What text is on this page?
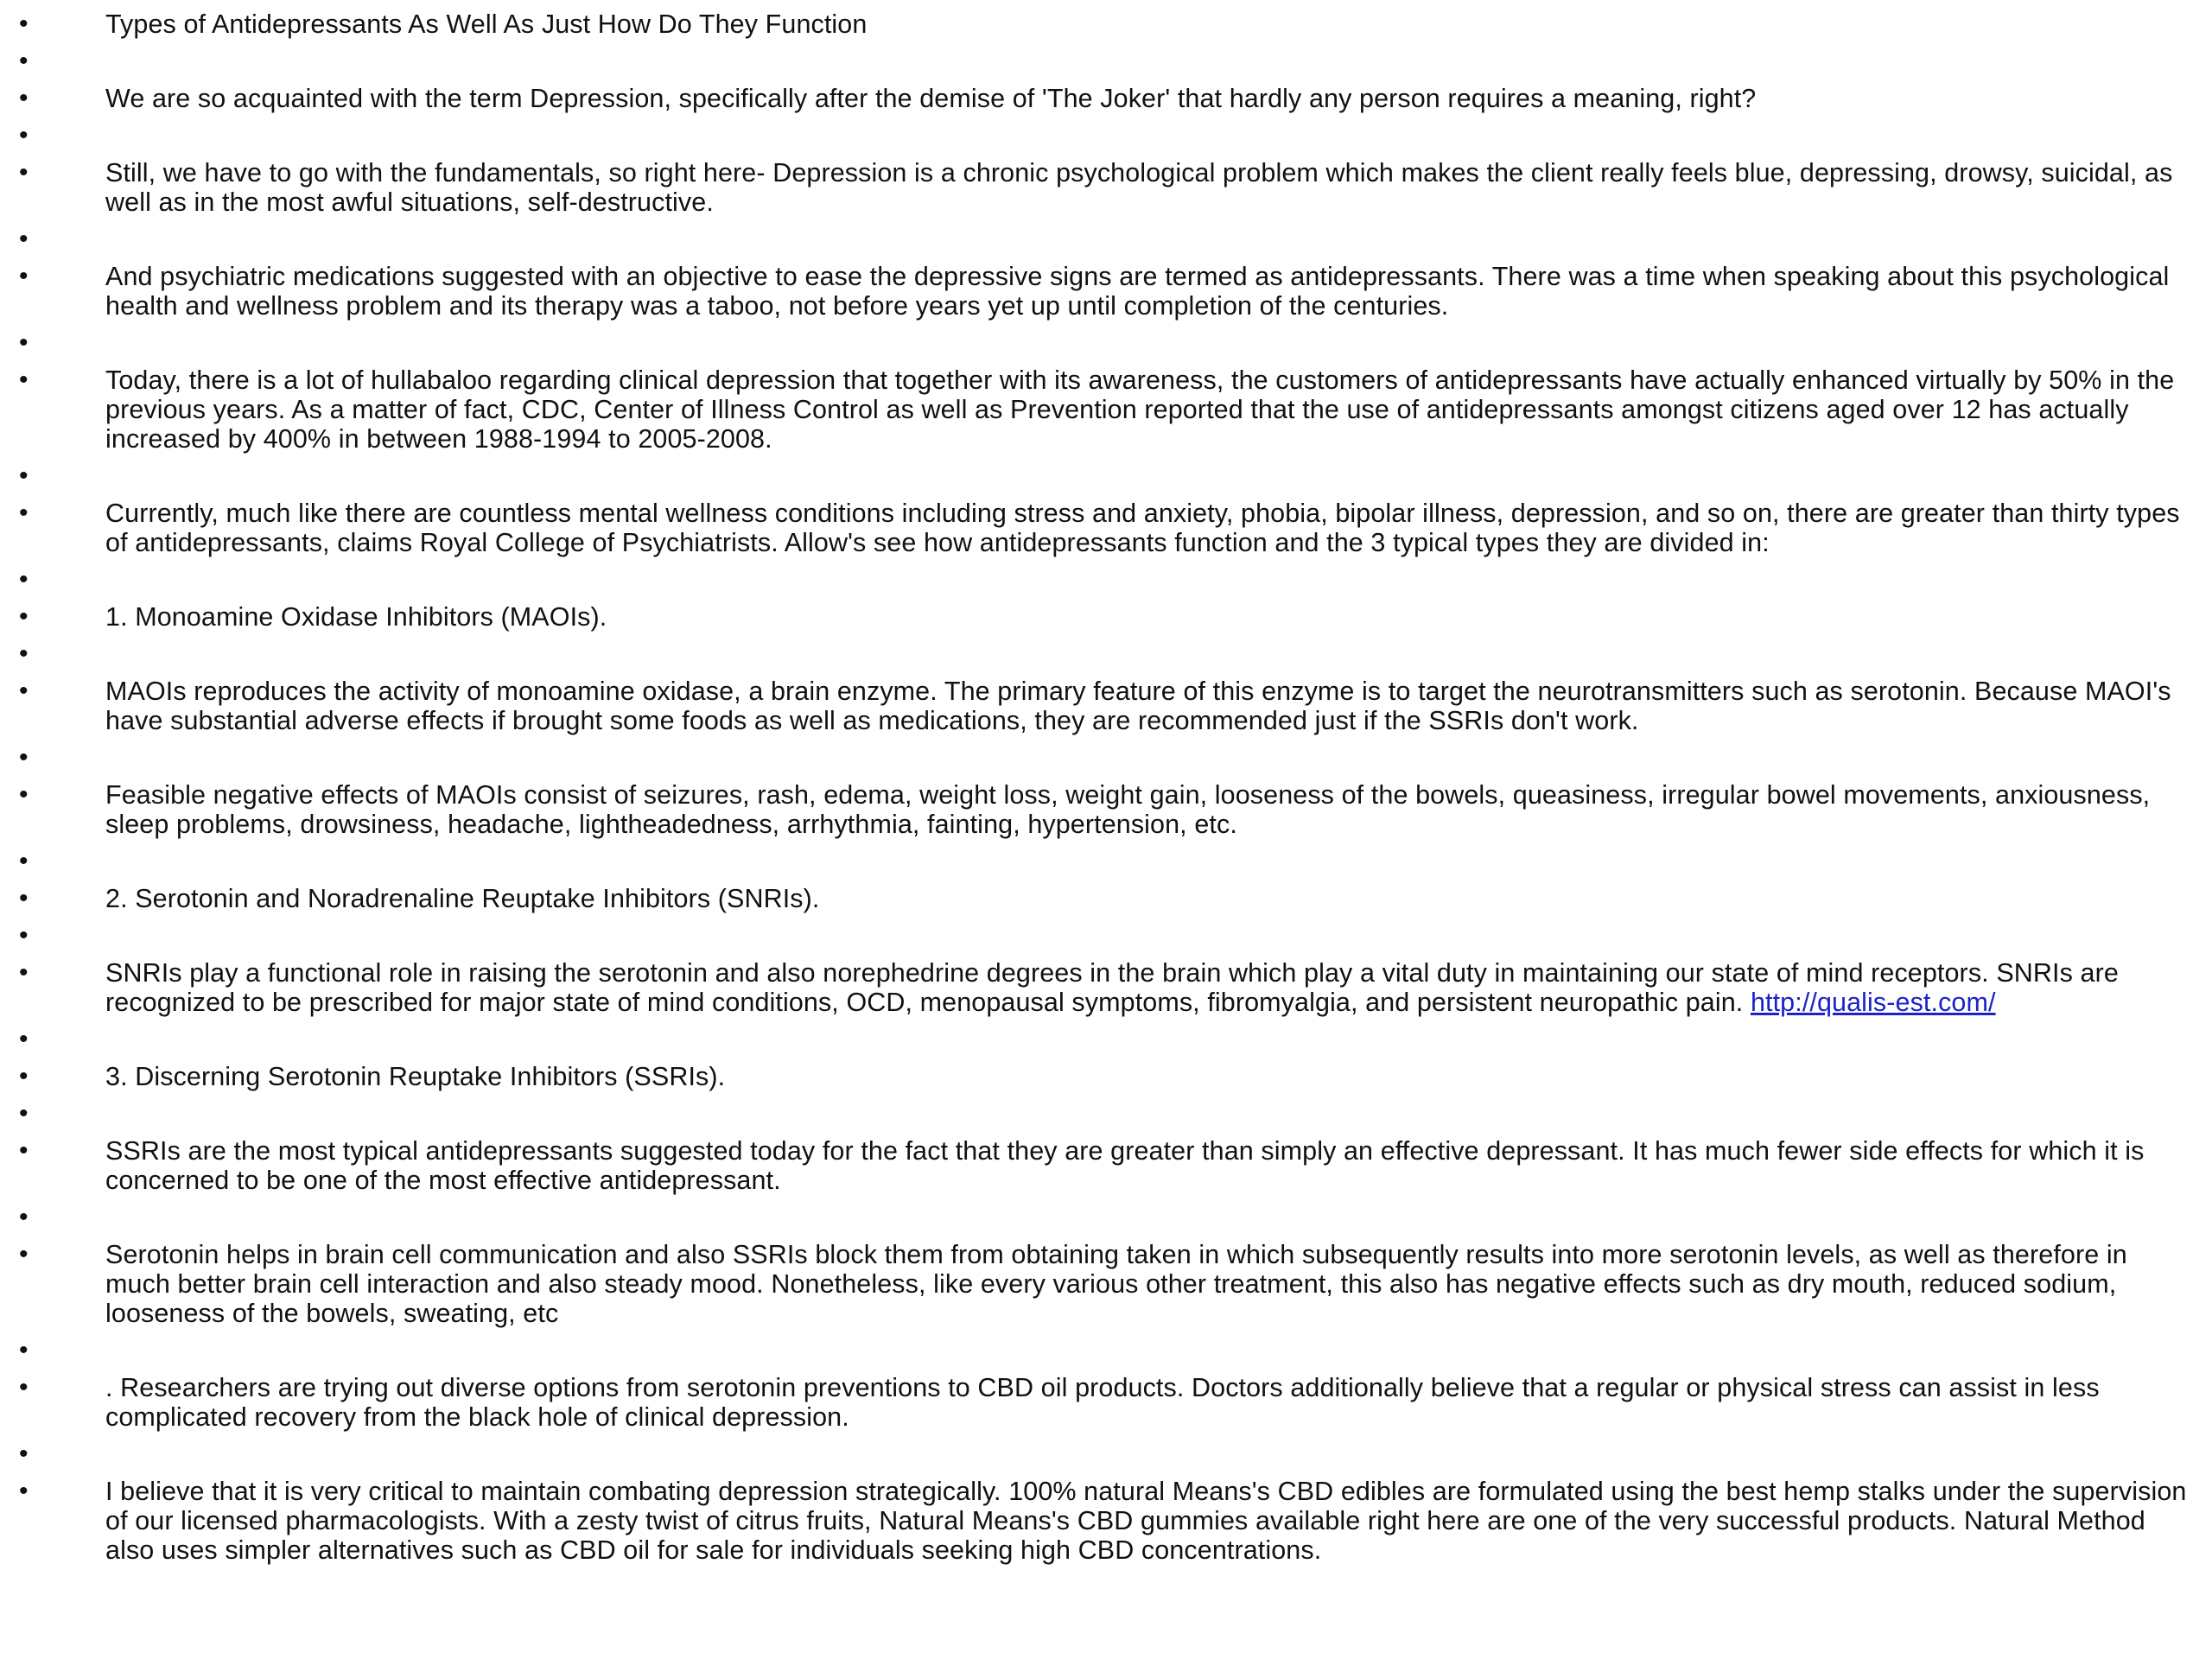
•	Types of Antidepressants As Well As Just How Do They Function
•
•	We are so acquainted with the term Depression, specifically after the demise of 'The Joker' that hardly any person requires a meaning, right?
•
•	Still, we have to go with the fundamentals, so right here- Depression is a chronic psychological problem which makes the client really feels blue, depressing, drowsy, suicidal, as well as in the most awful situations, self-destructive.
•
•	And psychiatric medications suggested with an objective to ease the depressive signs are termed as antidepressants. There was a time when speaking about this psychological health and wellness problem and its therapy was a taboo, not before years yet up until completion of the centuries.
•
•	Today, there is a lot of hullabaloo regarding clinical depression that together with its awareness, the customers of antidepressants have actually enhanced virtually by 50% in the previous years. As a matter of fact, CDC, Center of Illness Control as well as Prevention reported that the use of antidepressants amongst citizens aged over 12 has actually increased by 400% in between 1988-1994 to 2005-2008.
•
•	Currently, much like there are countless mental wellness conditions including stress and anxiety, phobia, bipolar illness, depression, and so on, there are greater than thirty types of antidepressants, claims Royal College of Psychiatrists. Allow's see how antidepressants function and the 3 typical types they are divided in:
•
•	1. Monoamine Oxidase Inhibitors (MAOIs).
•
•	MAOIs reproduces the activity of monoamine oxidase, a brain enzyme. The primary feature of this enzyme is to target the neurotransmitters such as serotonin. Because MAOI's have substantial adverse effects if brought some foods as well as medications, they are recommended just if the SSRIs don't work.
•
•	Feasible negative effects of MAOIs consist of seizures, rash, edema, weight loss, weight gain, looseness of the bowels, queasiness, irregular bowel movements, anxiousness, sleep problems, drowsiness, headache, lightheadedness, arrhythmia, fainting, hypertension, etc.
•
•	2. Serotonin and Noradrenaline Reuptake Inhibitors (SNRIs).
•
•	SNRIs play a functional role in raising the serotonin and also norephedrine degrees in the brain which play a vital duty in maintaining our state of mind receptors. SNRIs are recognized to be prescribed for major state of mind conditions, OCD, menopausal symptoms, fibromyalgia, and persistent neuropathic pain. http://qualis-est.com/
•
•	3. Discerning Serotonin Reuptake Inhibitors (SSRIs).
•
•	SSRIs are the most typical antidepressants suggested today for the fact that they are greater than simply an effective depressant. It has much fewer side effects for which it is concerned to be one of the most effective antidepressant.
•
•	Serotonin helps in brain cell communication and also SSRIs block them from obtaining taken in which subsequently results into more serotonin levels, as well as therefore in much better brain cell interaction and also steady mood. Nonetheless, like every various other treatment, this also has negative effects such as dry mouth, reduced sodium, looseness of the bowels, sweating, etc
•
•	. Researchers are trying out diverse options from serotonin preventions to CBD oil products. Doctors additionally believe that a regular or physical stress can assist in less complicated recovery from the black hole of clinical depression.
•
•	I believe that it is very critical to maintain combating depression strategically. 100% natural Means's CBD edibles are formulated using the best hemp stalks under the supervision of our licensed pharmacologists. With a zesty twist of citrus fruits, Natural Means's CBD gummies available right here are one of the very successful products. Natural Method also uses simpler alternatives such as CBD oil for sale for individuals seeking high CBD concentrations.
